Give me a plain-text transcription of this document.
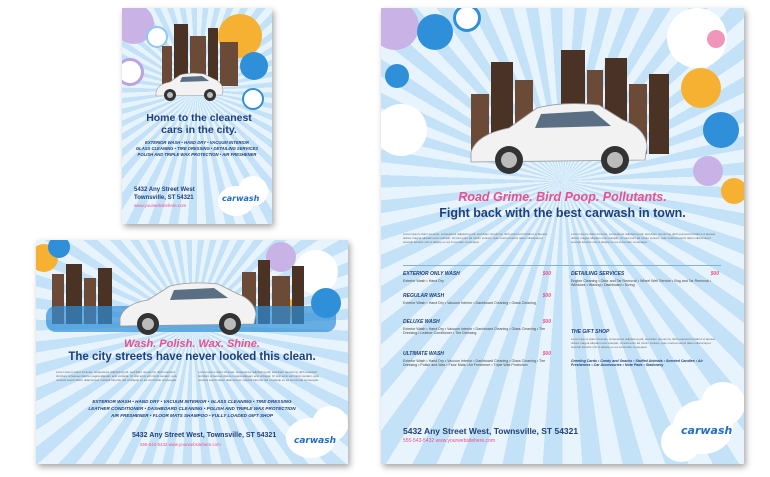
Home to the cleanest cars in the city.
EXTERIOR WASH • HAND DRY • VACUUM INTERIOR
GLASS CLEANING • TIRE DRESSING • DETAILING SERVICES
POLISH AND TRIPLE WAX PROTECTION • AIR FRESHENER
5432 Any Street West
Townsville, ST 54321
www.yourwebsitehere.com
carwash
Wash. Polish. Wax. Shine.
The city streets have never looked this clean.
Lorem ipsum dolor sit amet, consectetur adipiscing elit, sed diam nonummy nibh euismod tincidunt ut laoreet dolore magna aliquam erat volutpat. Ut wisi enim ad minim veniam, quis nostrud exerci tation ullamcorper suscipit lobortis nisl ut aliquip ex ea commodo consequat.
Lorem ipsum dolor sit amet, consectetur adipiscing elit, sed diam nonummy nibh euismod tincidunt ut laoreet dolore magna aliquam erat volutpat. Ut wisi enim ad minim veniam, quis nostrud exerci tation ullamcorper suscipit lobortis nisl ut aliquip ex ea commodo consequat.
EXTERIOR WASH • HAND DRY • VACUUM INTERIOR • GLASS CLEANING • TIRE DRESSING
LEATHER CONDITIONER • DASHBOARD CLEANING • POLISH AND TRIPLE WAX PROTECTION
AIR FRESHENER • FLOOR MATS SHAMPOO • FULLY LOADED GIFT SHOP
5432 Any Street West, Townsville, ST 54321
555-543-5432 www.yourwebsitehere.com	carwash
Road Grime. Bird Poop. Pollutants.
Fight back with the best carwash in town.
Lorem ipsum dolor sit amet, consectetur adipiscing elit, sed diam nonummy nibh euismod tincidunt ut laoreet dolore magna aliquam erat volutpat. Ut wisi enim ad minim veniam, quis nostrud exerci tation ullamcorper suscipit lobortis nisl ut aliquip ex ea commodo consequat.
Lorem ipsum dolor sit amet, consectetur adipiscing elit, sed diam nonummy nibh euismod tincidunt ut laoreet dolore magna aliquam erat volutpat. Ut wisi enim ad minim veniam, quis nostrud exerci tation ullamcorper suscipit lobortis nisl ut aliquip ex ea commodo consequat.
EXTERIOR ONLY WASH	$00
Exterior Wash • Hand Dry
REGULAR WASH	$00
Exterior Wash • Hand Dry • Vacuum Interior • Dashboard Cleaning • Glass Cleaning
DELUXE WASH	$00
Exterior Wash • Hand Dry • Vacuum Interior • Dashboard Cleaning • Glass Cleaning • Tire Dressing • Leather Conditioner • Tire Dressing
ULTIMATE WASH	$00
Exterior Wash • Hand Dry • Vacuum Interior • Dashboard Cleaning • Glass Cleaning • Tire Dressing • Polish and Wax • Floor Mats • Air Freshener • Triple Wax Protection
DETAILING SERVICES	$00
Engine Cleaning • Odor and Tar Removal • Wheel Well Service • Bug and Tar Removal • Windows • Waxing • Dashboard • Sizing
THE GIFT SHOP
Lorem ipsum dolor sit amet, consectetur adipiscing elit, sed diam nonummy nibh euismod tincidunt ut laoreet dolore magna aliquam erat volutpat. Ut wisi enim ad minim veniam, quis nostrud exerci tation ullamcorper suscipit lobortis nisl ut aliquip ex ea commodo consequat.
Greeting Cards • Candy and Snacks • Stuffed Animals • Scented Candles • Air Fresheners • Car Accessories • Note Pads • Stationery
5432 Any Street West, Townsville, ST 54321
555-543-5432 www.yourwebsitehere.com
carwash
